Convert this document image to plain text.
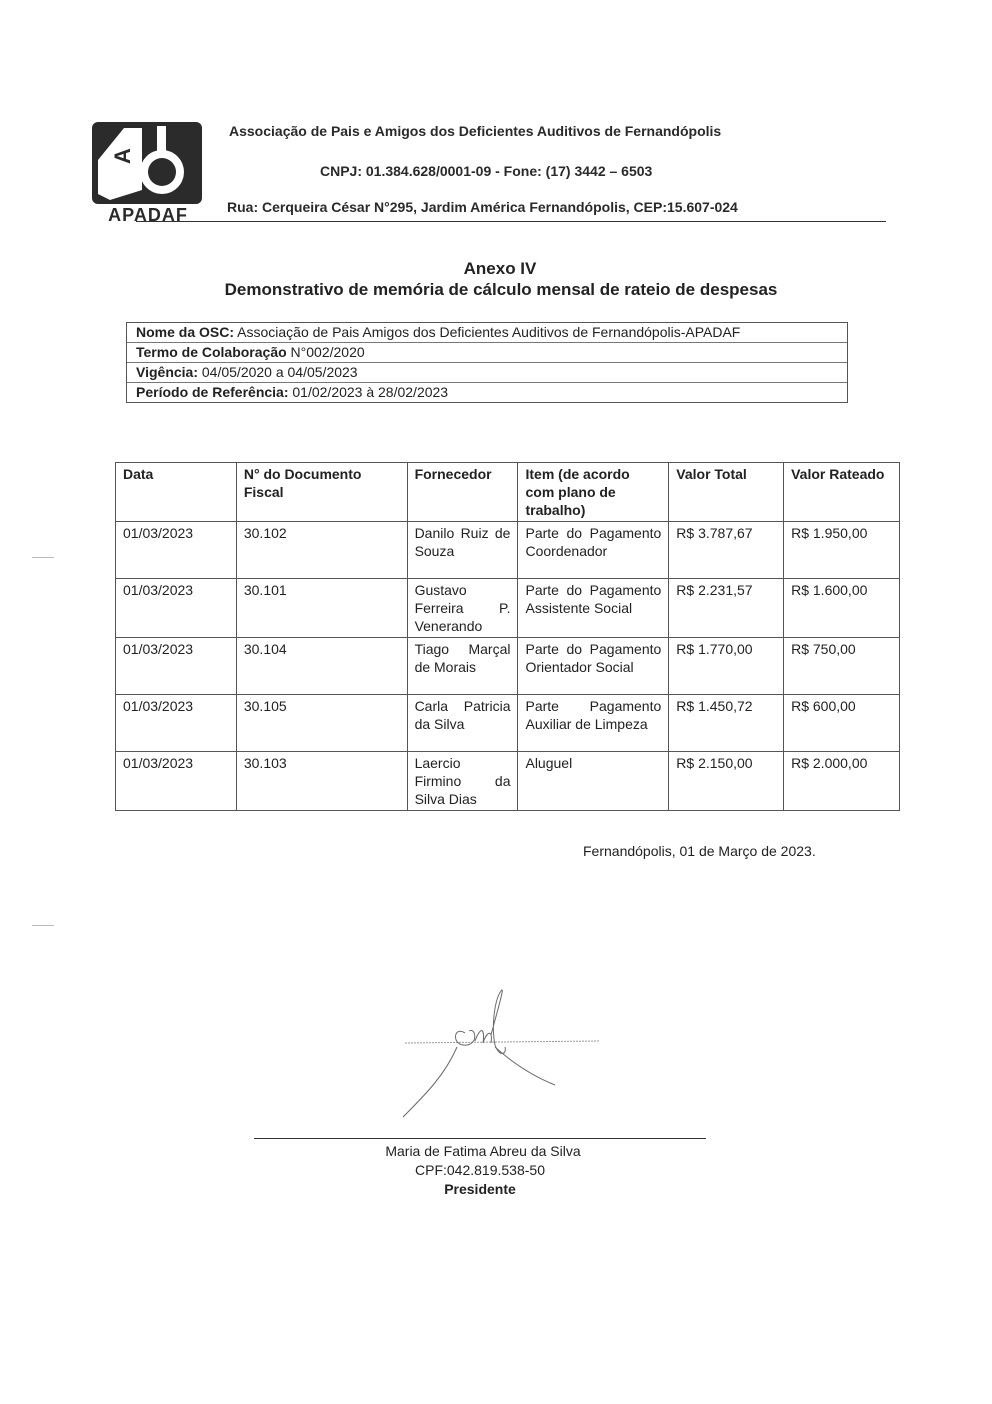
A
APADAF
Associação de Pais e Amigos dos Deficientes Auditivos de Fernandópolis
CNPJ: 01.384.628/0001-09 - Fone: (17) 3442 – 6503
Rua: Cerqueira César N°295, Jardim América Fernandópolis, CEP:15.607-024
Anexo IV
Demonstrativo de memória de cálculo mensal de rateio de despesas
Nome da OSC: Associação de Pais Amigos dos Deficientes Auditivos de Fernandópolis-APADAF
Termo de Colaboração N°002/2020
Vigência: 04/05/2020 a 04/05/2023
Período de Referência: 01/02/2023 à 28/02/2023
Data	N° do Documento Fiscal	Fornecedor	Item (de acordo com plano de trabalho)	Valor Total	Valor Rateado
01/03/2023	30.102	Danilo Ruiz de Souza	Parte do Pagamento Coordenador	R$ 3.787,67	R$ 1.950,00
01/03/2023	30.101	Gustavo Ferreira P. Venerando	Parte do Pagamento Assistente Social	R$ 2.231,57	R$ 1.600,00
01/03/2023	30.104	Tiago Marçal de Morais	Parte do Pagamento Orientador Social	R$ 1.770,00	R$ 750,00
01/03/2023	30.105	Carla Patricia da Silva	Parte Pagamento Auxiliar de Limpeza	R$ 1.450,72	R$ 600,00
01/03/2023	30.103	Laercio Firmino da Silva Dias	Aluguel	R$ 2.150,00	R$ 2.000,00
Fernandópolis, 01 de Março de 2023.
Maria de Fatima Abreu da Silva
CPF:042.819.538-50
Presidente
